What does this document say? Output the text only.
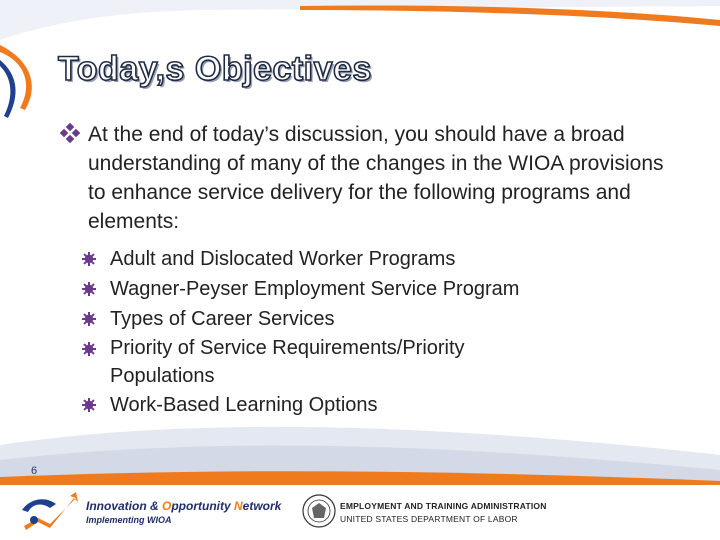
Today,s Objectives
At the end of today’s discussion, you should have a broad understanding of many of the changes in the WIOA provisions to enhance service delivery for the following programs and elements:
Adult and Dislocated Worker Programs
Wagner-Peyser Employment Service Program
Types of Career Services
Priority of Service Requirements/Priority Populations
Work-Based Learning Options
6
Innovation & Opportunity Network
Implementing WIOA
EMPLOYMENT AND TRAINING ADMINISTRATION
UNITED STATES DEPARTMENT OF LABOR
